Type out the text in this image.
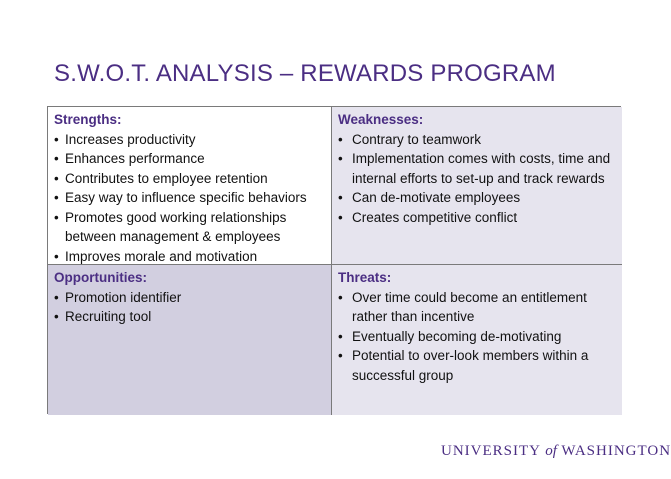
S.W.O.T. ANALYSIS – REWARDS PROGRAM
Strengths:
• Increases productivity
• Enhances performance
• Contributes to employee retention
• Easy way to influence specific behaviors
• Promotes good working relationships between management & employees
• Improves morale and motivation
Weaknesses:
• Contrary to teamwork
• Implementation comes with costs, time and internal efforts to set-up and track rewards
• Can de-motivate employees
• Creates competitive conflict
Opportunities:
• Promotion identifier
• Recruiting tool
Threats:
• Over time could become an entitlement rather than incentive
• Eventually becoming de-motivating
• Potential to over-look members within a successful group
UNIVERSITY of WASHINGTON
